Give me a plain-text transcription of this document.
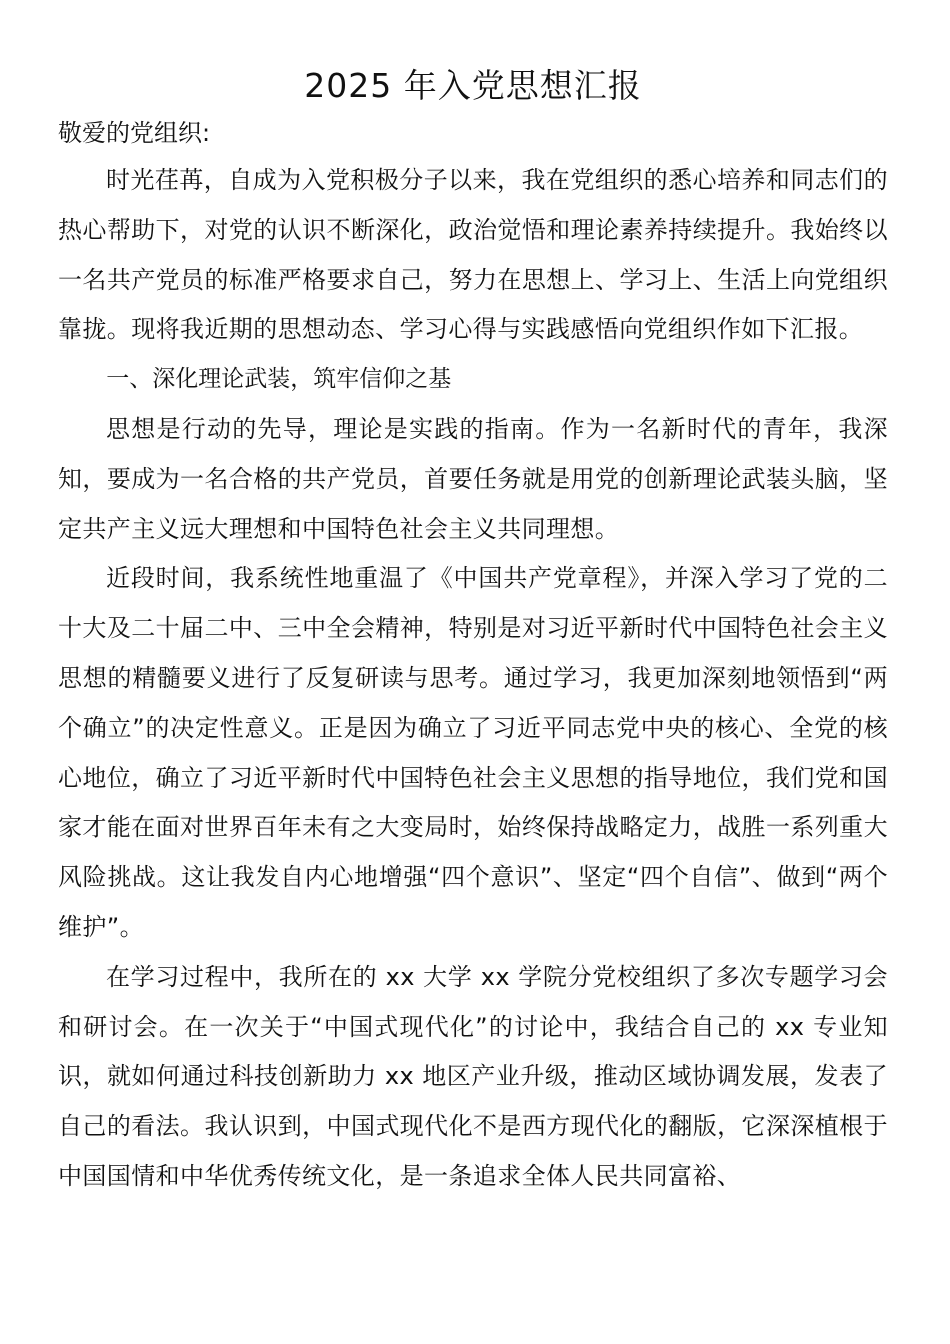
2025 年入党思想汇报

敬爱的党组织:

时光荏苒，自成为入党积极分子以来，我在党组织的悉心培养和同志们的热心帮助下，对党的认识不断深化，政治觉悟和理论素养持续提升。我始终以一名共产党员的标准严格要求自己，努力在思想上、学习上、生活上向党组织靠拢。现将我近期的思想动态、学习心得与实践感悟向党组织作如下汇报。

一、深化理论武装，筑牢信仰之基

思想是行动的先导，理论是实践的指南。作为一名新时代的青年，我深知，要成为一名合格的共产党员，首要任务就是用党的创新理论武装头脑，坚定共产主义远大理想和中国特色社会主义共同理想。

近段时间，我系统性地重温了《中国共产党章程》，并深入学习了党的二十大及二十届二中、三中全会精神，特别是对习近平新时代中国特色社会主义思想的精髓要义进行了反复研读与思考。通过学习，我更加深刻地领悟到“两个确立”的决定性意义。正是因为确立了习近平同志党中央的核心、全党的核心地位，确立了习近平新时代中国特色社会主义思想的指导地位，我们党和国家才能在面对世界百年未有之大变局时，始终保持战略定力，战胜一系列重大风险挑战。这让我发自内心地增强“四个意识”、坚定“四个自信”、做到“两个维护”。

在学习过程中，我所在的 xx 大学 xx 学院分党校组织了多次专题学习会和研讨会。在一次关于“中国式现代化”的讨论中，我结合自己的 xx 专业知识，就如何通过科技创新助力 xx 地区产业升级，推动区域协调发展，发表了自己的看法。我认识到，中国式现代化不是西方现代化的翻版，它深深植根于中国国情和中华优秀传统文化，是一条追求全体人民共同富裕、
